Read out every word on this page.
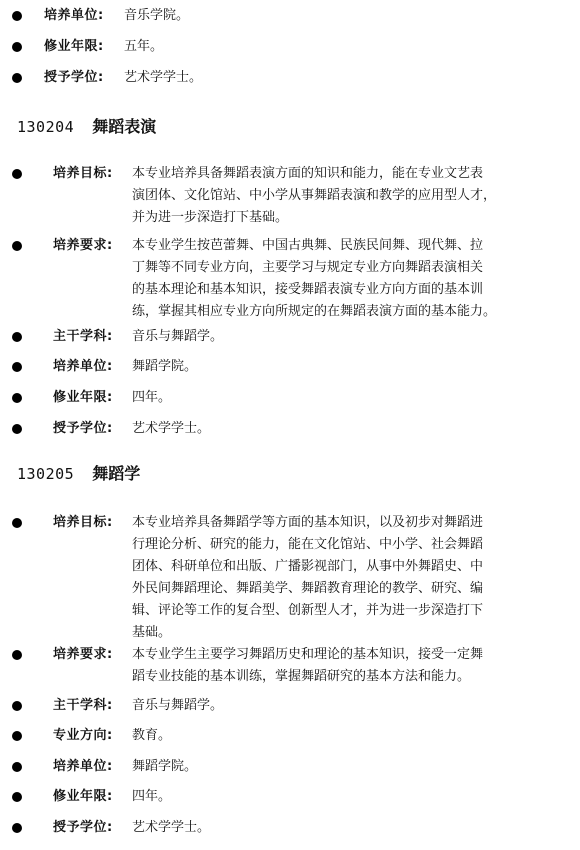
培养单位: 音乐学院。
修业年限: 五年。
授予学位: 艺术学学士。
130204 舞蹈表演
培养目标: 本专业培养具备舞蹈表演方面的知识和能力，能在专业文艺表
演团体、文化馆站、中小学从事舞蹈表演和教学的应用型人才，
并为进一步深造打下基础。
培养要求: 本专业学生按芭蕾舞、中国古典舞、民族民间舞、现代舞、拉
丁舞等不同专业方向，主要学习与规定专业方向舞蹈表演相关
的基本理论和基本知识，接受舞蹈表演专业方向方面的基本训
练，掌握其相应专业方向所规定的在舞蹈表演方面的基本能力。
主干学科: 音乐与舞蹈学。
培养单位: 舞蹈学院。
修业年限: 四年。
授予学位: 艺术学学士。
130205 舞蹈学
培养目标: 本专业培养具备舞蹈学等方面的基本知识，以及初步对舞蹈进
行理论分析、研究的能力，能在文化馆站、中小学、社会舞蹈
团体、科研单位和出版、广播影视部门，从事中外舞蹈史、中
外民间舞蹈理论、舞蹈美学、舞蹈教育理论的教学、研究、编
辑、评论等工作的复合型、创新型人才，并为进一步深造打下
基础。
培养要求: 本专业学生主要学习舞蹈历史和理论的基本知识，接受一定舞
蹈专业技能的基本训练，掌握舞蹈研究的基本方法和能力。
主干学科: 音乐与舞蹈学。
专业方向: 教育。
培养单位: 舞蹈学院。
修业年限: 四年。
授予学位: 艺术学学士。
